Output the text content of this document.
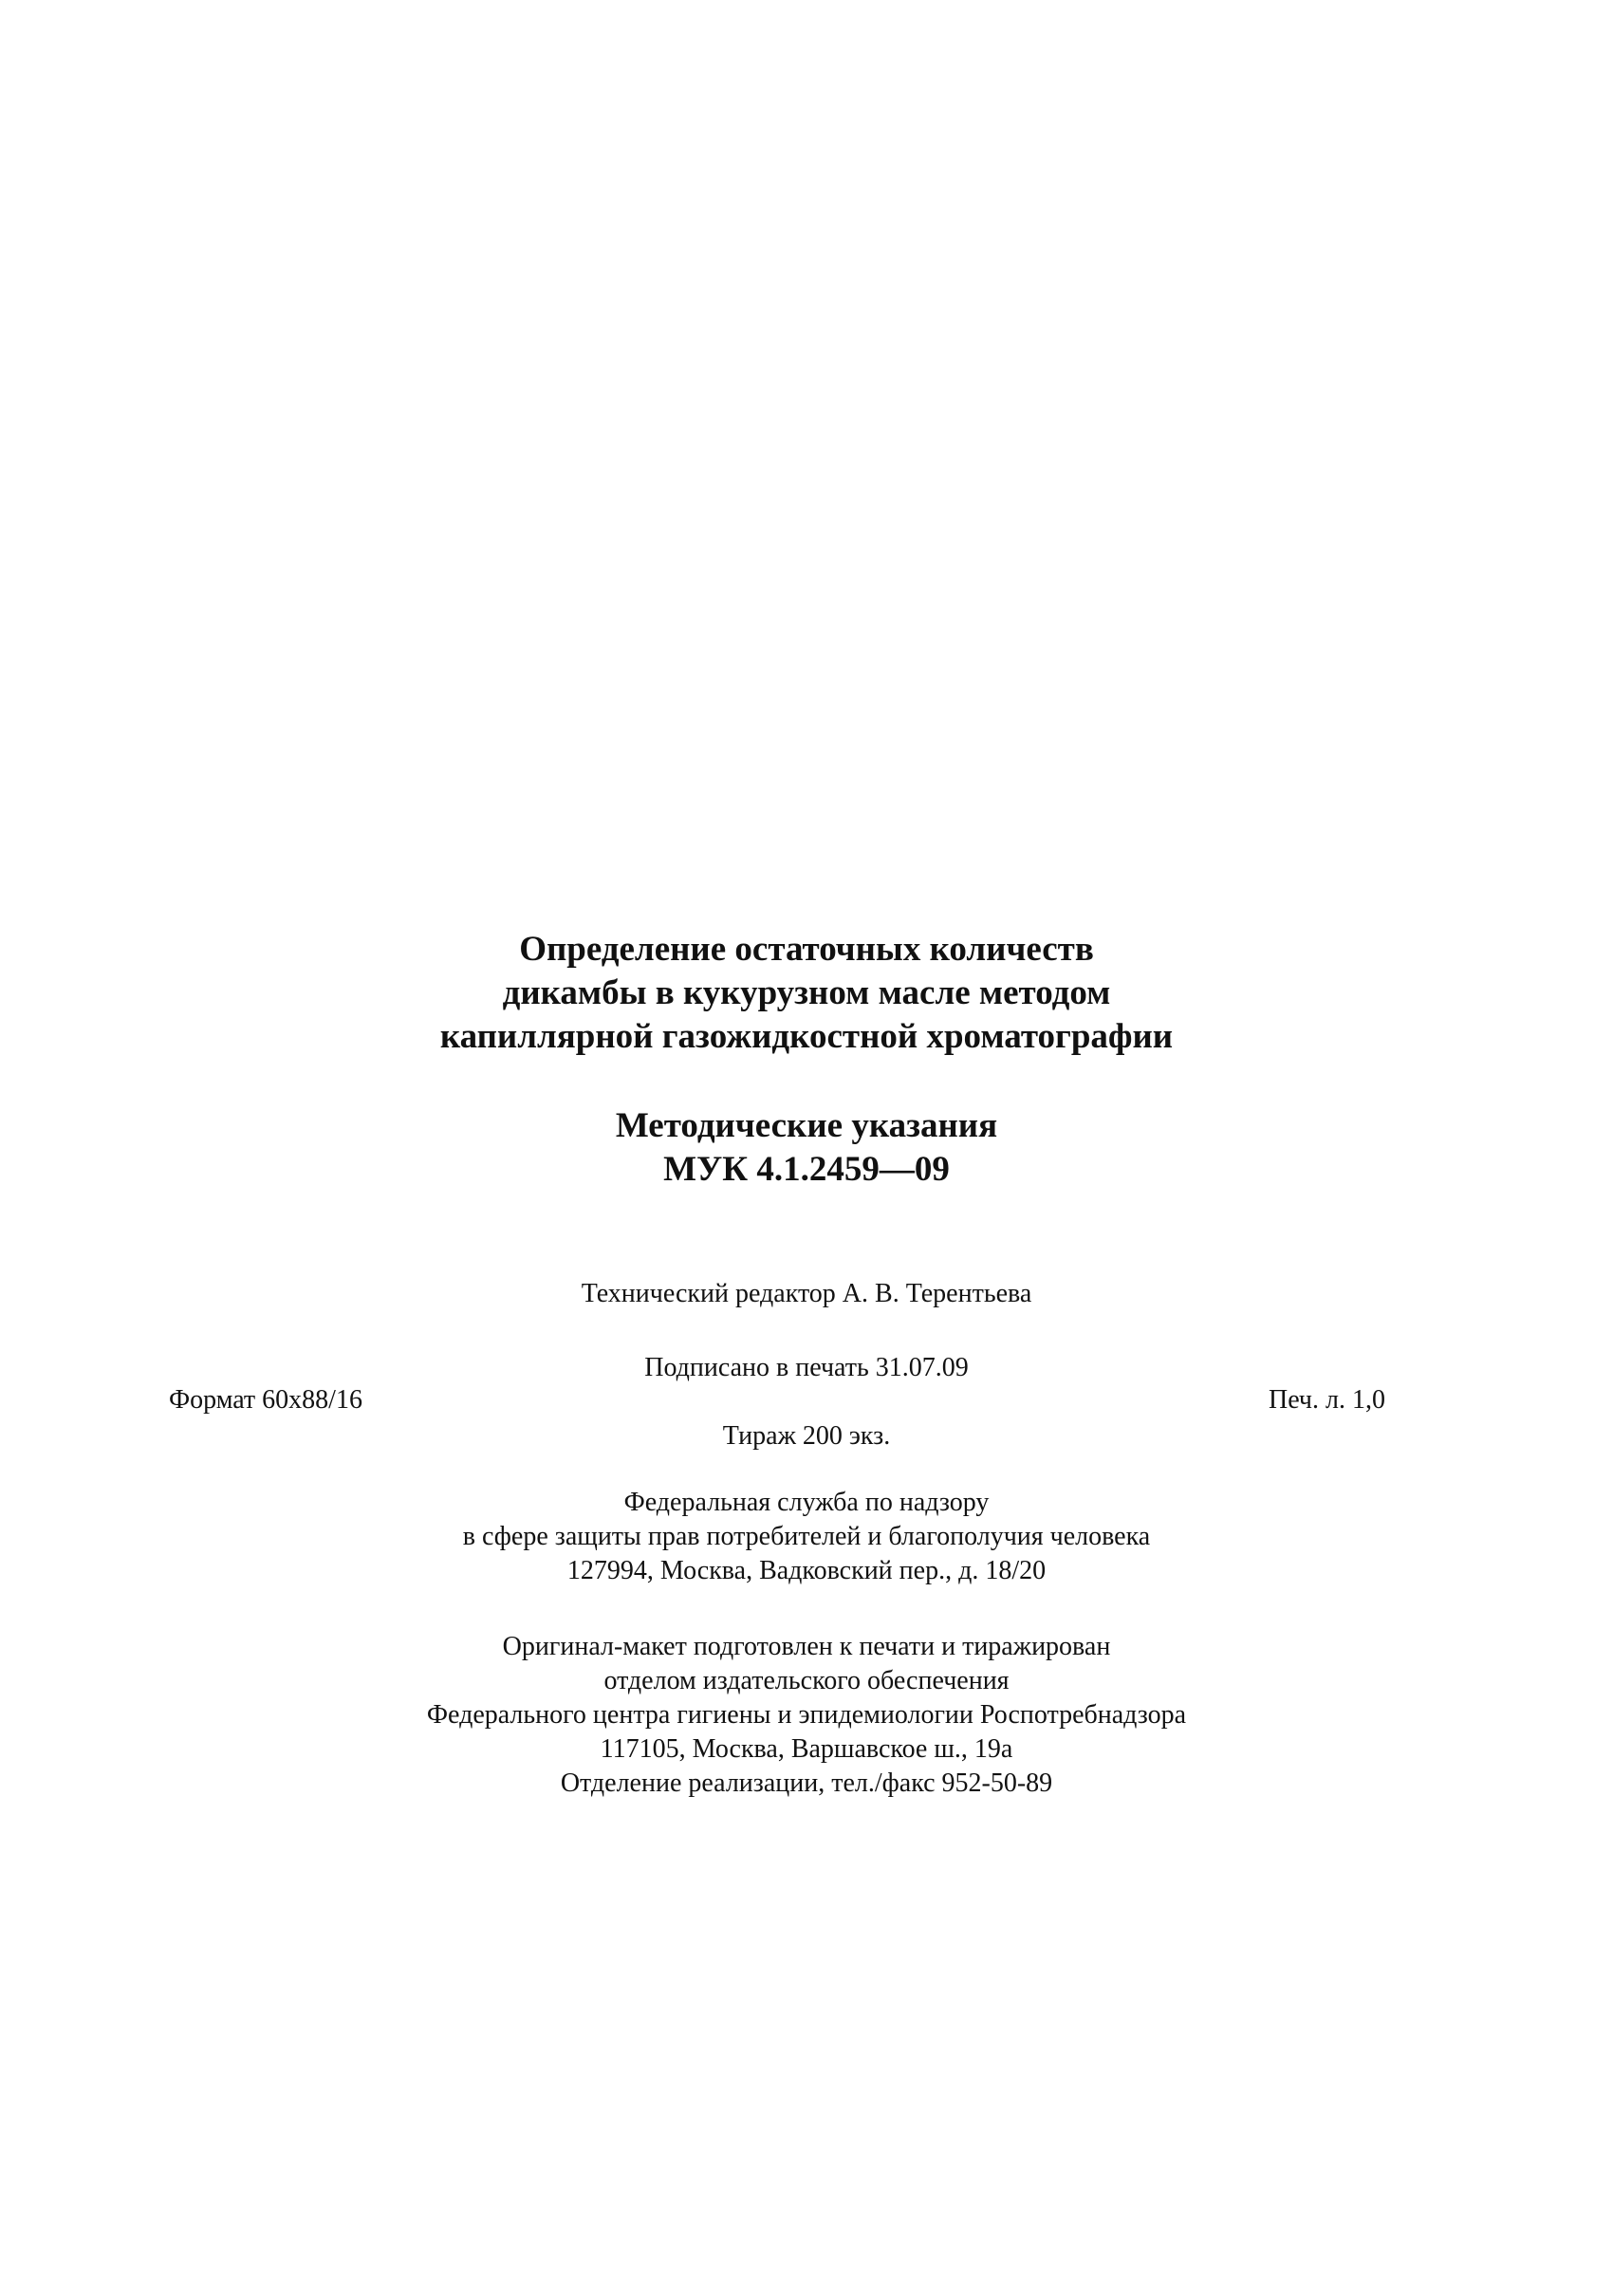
Определение остаточных количеств
дикамбы в кукурузном масле методом
капиллярной газожидкостной хроматографии
Методические указания
МУК 4.1.2459—09
Технический редактор А. В. Терентьева
Подписано в печать 31.07.09
Формат 60x88/16	Печ. л. 1,0
Тираж 200 экз.
Федеральная служба по надзору
в сфере защиты прав потребителей и благополучия человека
127994, Москва, Вадковский пер., д. 18/20
Оригинал-макет подготовлен к печати и тиражирован
отделом издательского обеспечения
Федерального центра гигиены и эпидемиологии Роспотребнадзора
117105, Москва, Варшавское ш., 19а
Отделение реализации, тел./факс 952-50-89
